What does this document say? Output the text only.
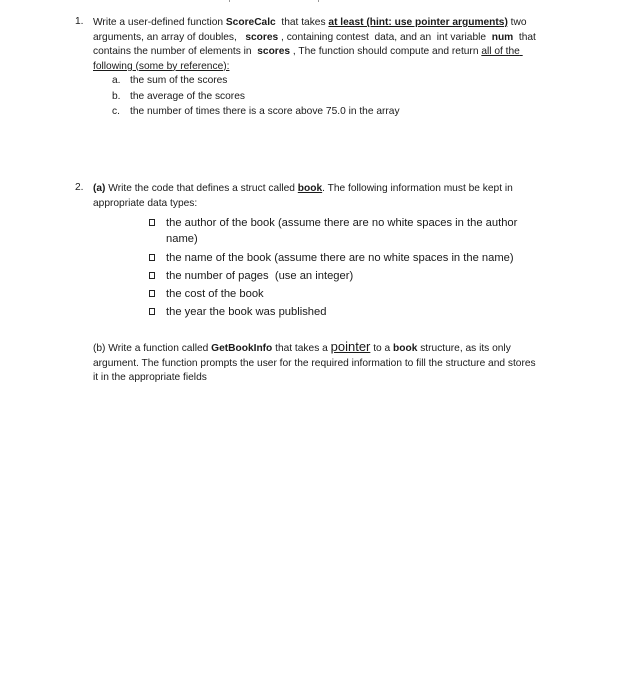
1. Write a user-defined function ScoreCalc  that takes at least (hint: use pointer arguments) two arguments, an array of doubles,   scores , containing contest  data, and an  int variable  num  that contains the number of elements in  scores , The function should compute and return all of the following (some by reference):
a. the sum of the scores
b. the average of the scores
c. the number of times there is a score above 75.0 in the array
2. (a) Write the code that defines a struct called book. The following information must be kept in appropriate data types:
the author of the book (assume there are no white spaces in the author name)
the name of the book (assume there are no white spaces in the name)
the number of pages  (use an integer)
the cost of the book
the year the book was published
(b) Write a function called GetBookInfo that takes a pointer to a book structure, as its only argument. The function prompts the user for the required information to fill the structure and stores it in the appropriate fields
